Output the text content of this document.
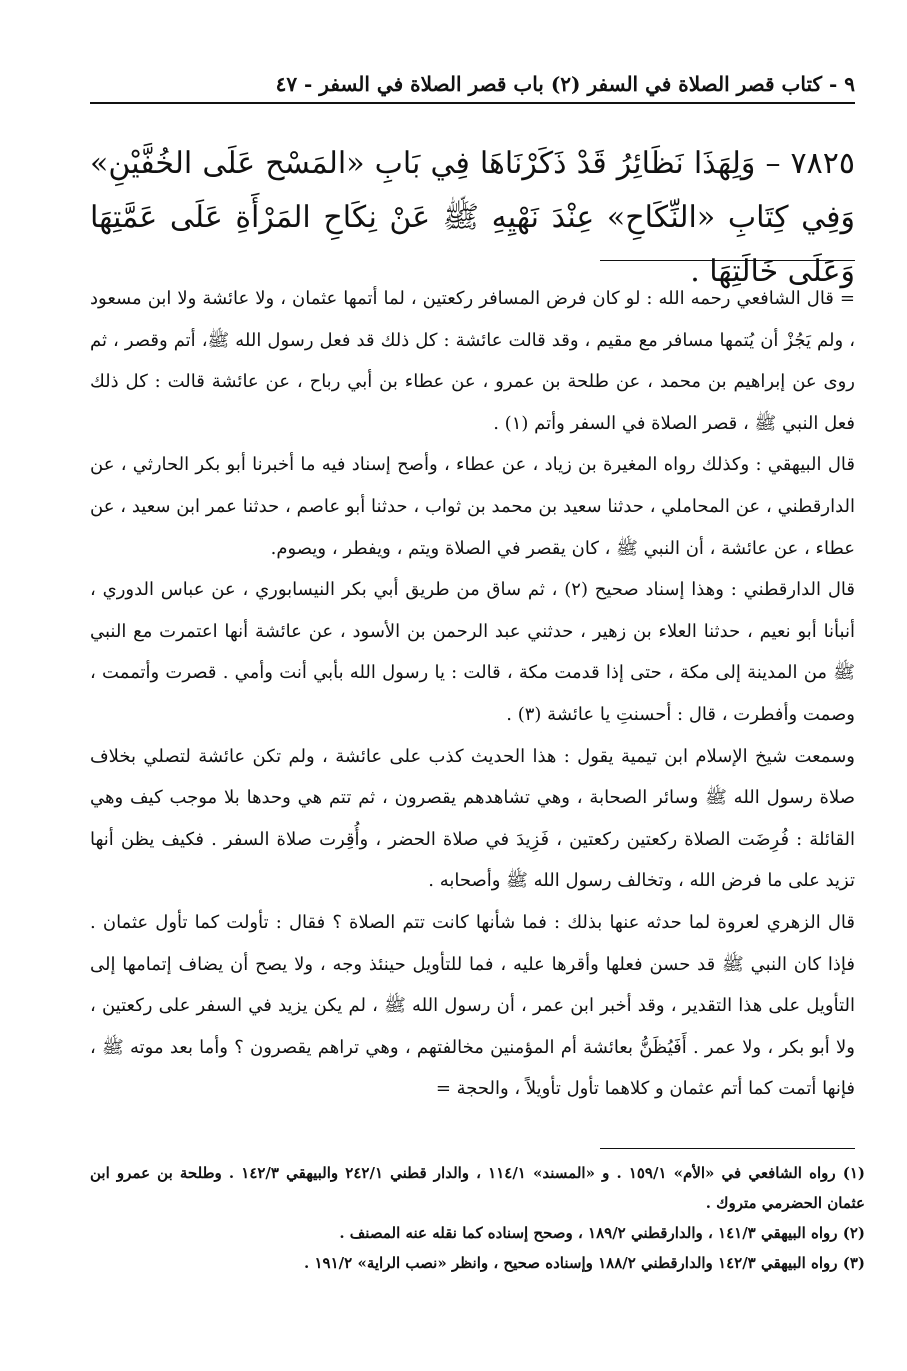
٩ - كتاب قصر الصلاة في السفر (٢) باب قصر الصلاة في السفر - ٤٧
٧٨٢٥ – وَلِهَذَا نَظَائِرُ قَدْ ذَكَرْنَاهَا فِي بَابِ «المَسْح عَلَى الخُفَّيْنِ» وَفِي كِتَابِ «النِّكَاحِ» عِنْدَ نَهْيِهِ ﷺ عَنْ نِكَاحِ المَرْأَةِ عَلَى عَمَّتِهَا وَعَلَى خَالَتِهَا .

= قال الشافعي رحمه الله : لو كان فرض المسافر ركعتين ، لما أتمها عثمان ، ولا عائشة ولا ابن مسعود ، ولم يَجُزْ أن يُتمها مسافر مع مقيم ، وقد قالت عائشة : كل ذلك قد فعل رسول الله ﷺ، أتم وقصر ، ثم روى عن إبراهيم بن محمد ، عن طلحة بن عمرو ، عن عطاء بن أبي رباح ، عن عائشة قالت : كل ذلك فعل النبي ﷺ ، قصر الصلاة في السفر وأتم (١) .

قال البيهقي : وكذلك رواه المغيرة بن زياد ، عن عطاء ، وأصح إسناد فيه ما أخبرنا أبو بكر الحارثي ، عن الدارقطني ، عن المحاملي ، حدثنا سعيد بن محمد بن ثواب ، حدثنا أبو عاصم ، حدثنا عمر ابن سعيد ، عن عطاء ، عن عائشة ، أن النبي ﷺ ، كان يقصر في الصلاة ويتم ، ويفطر ، ويصوم.

قال الدارقطني : وهذا إسناد صحيح (٢) ، ثم ساق من طريق أبي بكر النيسابوري ، عن عباس الدوري ، أنبأنا أبو نعيم ، حدثنا العلاء بن زهير ، حدثني عبد الرحمن بن الأسود ، عن عائشة أنها اعتمرت مع النبي ﷺ من المدينة إلى مكة ، حتى إذا قدمت مكة ، قالت : يا رسول الله بأبي أنت وأمي . قصرت وأتممت ، وصمت وأفطرت ، قال : أحسنتِ يا عائشة (٣) .

وسمعت شيخ الإسلام ابن تيمية يقول : هذا الحديث كذب على عائشة ، ولم تكن عائشة لتصلي بخلاف صلاة رسول الله ﷺ وسائر الصحابة ، وهي تشاهدهم يقصرون ، ثم تتم هي وحدها بلا موجب كيف وهي القائلة : فُرِضَت الصلاة ركعتين ركعتين ، فَزِيدَ في صلاة الحضر ، وأُقِرت صلاة السفر . فكيف يظن أنها تزيد على ما فرض الله ، وتخالف رسول الله ﷺ وأصحابه .

قال الزهري لعروة لما حدثه عنها بذلك : فما شأنها كانت تتم الصلاة ؟ فقال : تأولت كما تأول عثمان . فإذا كان النبي ﷺ قد حسن فعلها وأقرها عليه ، فما للتأويل حينئذ وجه ، ولا يصح أن يضاف إتمامها إلى التأويل على هذا التقدير ، وقد أخبر ابن عمر ، أن رسول الله ﷺ ، لم يكن يزيد في السفر على ركعتين ، ولا أبو بكر ، ولا عمر . أَفَيُظَنُّ بعائشة أم المؤمنين مخالفتهم ، وهي تراهم يقصرون ؟ وأما بعد موته ﷺ ، فإنها أتمت كما أتم عثمان و كلاهما تأول تأويلاً ، والحجة =

(١) رواه الشافعي في «الأم» ١٥٩/١ . و «المسند» ١١٤/١ ، والدار قطني ٢٤٢/١ والبيهقي ١٤٢/٣ . وطلحة بن عمرو ابن عثمان الحضرمي متروك .

(٢) رواه البيهقي ١٤١/٣ ، والدارقطني ١٨٩/٢ ، وصحح إسناده كما نقله عنه المصنف .

(٣) رواه البيهقي ١٤٢/٣ والدارقطني ١٨٨/٢ وإسناده صحيح ، وانظر «نصب الراية» ١٩١/٢ .
